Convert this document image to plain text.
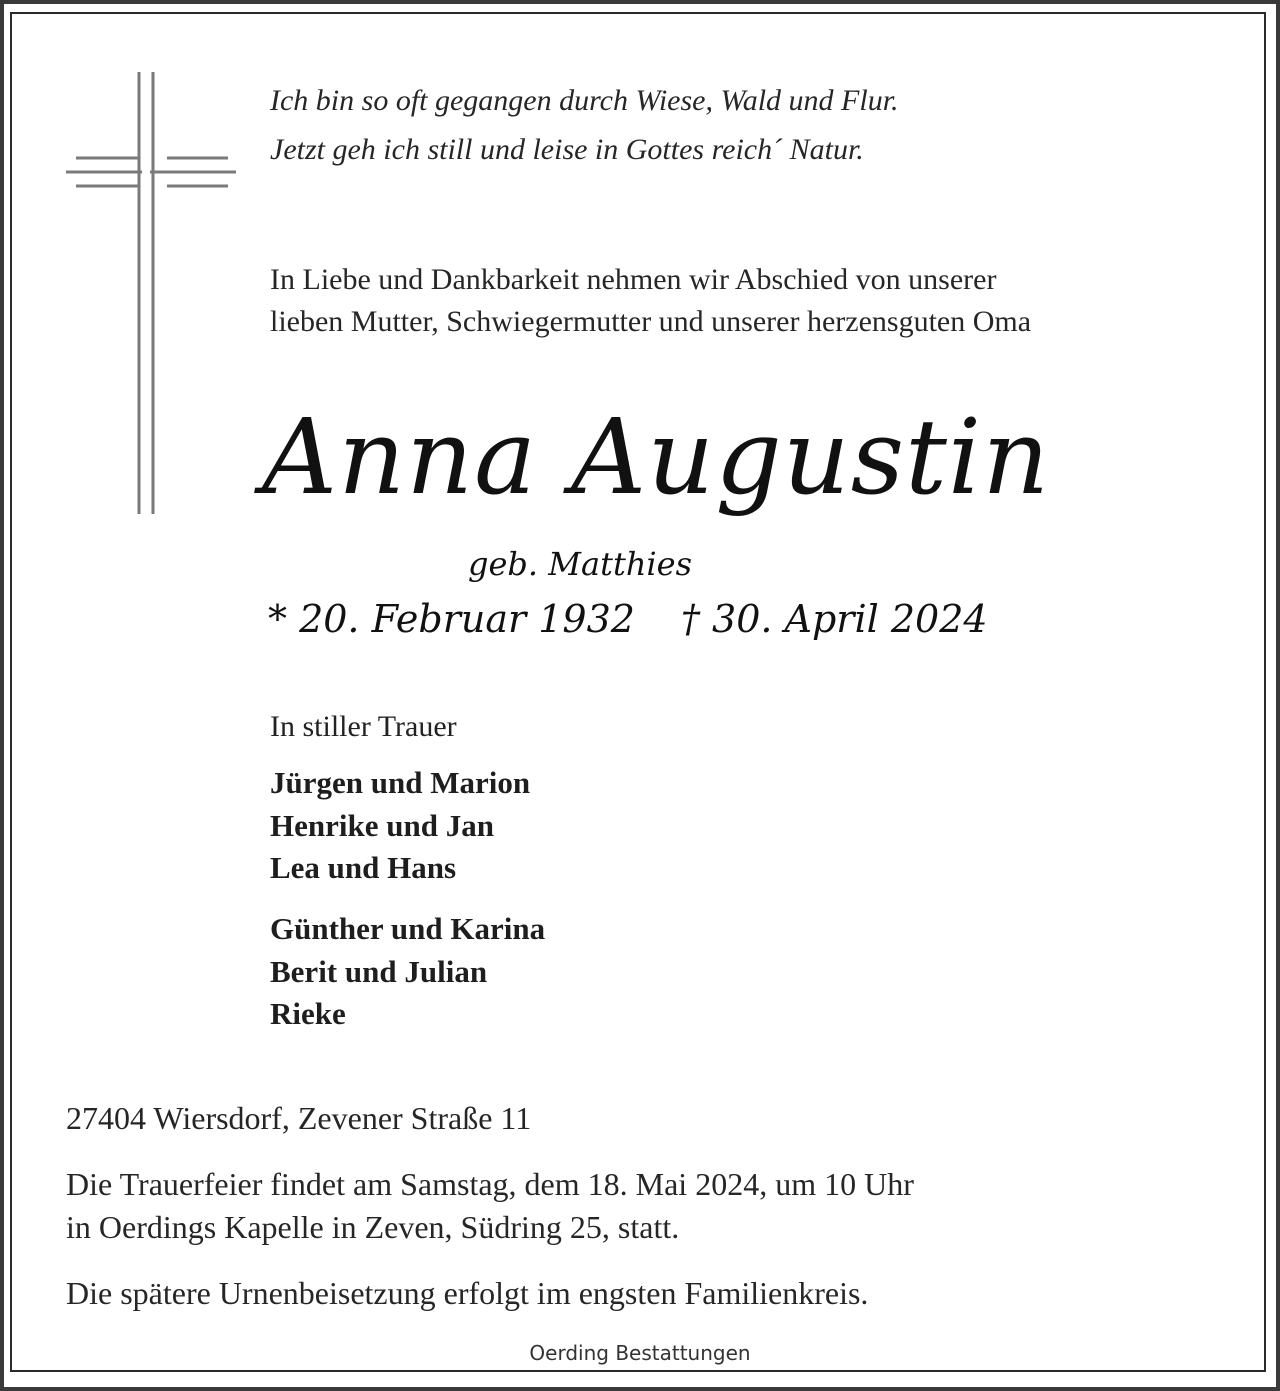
Ich bin so oft gegangen durch Wiese, Wald und Flur.

Jetzt geh ich still und leise in Gottes reich´ Natur.

In Liebe und Dankbarkeit nehmen wir Abschied von unserer

lieben Mutter, Schwiegermutter und unserer herzensguten Oma

Anna Augustin

geb. Matthies

* 20. Februar 1932 † 30. April 2024

In stiller Trauer

Jürgen und Marion

Henrike und Jan

Lea und Hans

Günther und Karina

Berit und Julian

Rieke

27404 Wiersdorf, Zevener Straße 11

Die Trauerfeier findet am Samstag, dem 18. Mai 2024, um 10 Uhr

in Oerdings Kapelle in Zeven, Südring 25, statt.

Die spätere Urnenbeisetzung erfolgt im engsten Familienkreis.

Oerding Bestattungen
